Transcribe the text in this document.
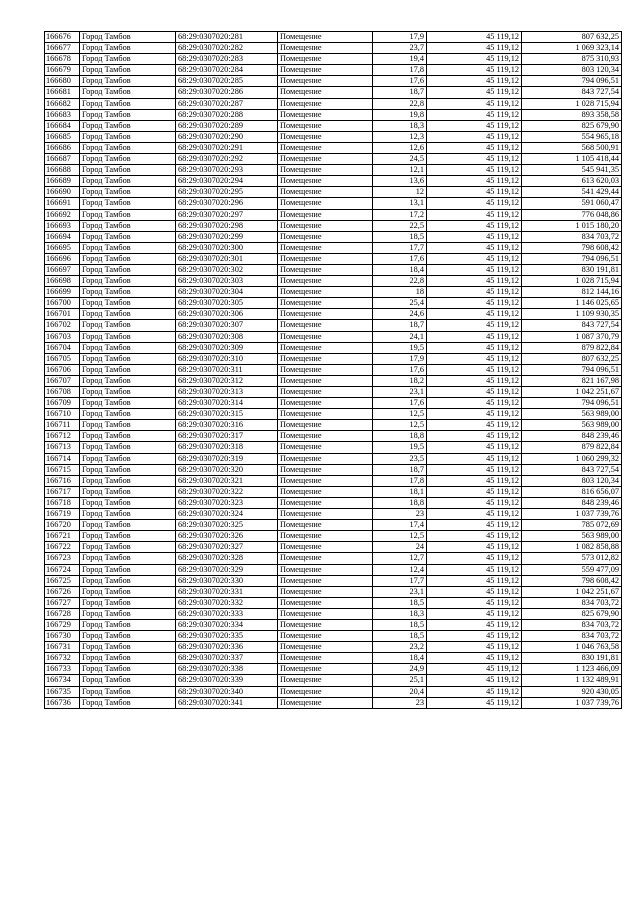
166676	Город Тамбов	68:29:0307020:281	Помещение	17,9	45 119,12	807 632,25
166677	Город Тамбов	68:29:0307020:282	Помещение	23,7	45 119,12	1 069 323,14
166678	Город Тамбов	68:29:0307020:283	Помещение	19,4	45 119,12	875 310,93
166679	Город Тамбов	68:29:0307020:284	Помещение	17,8	45 119,12	803 120,34
166680	Город Тамбов	68:29:0307020:285	Помещение	17,6	45 119,12	794 096,51
166681	Город Тамбов	68:29:0307020:286	Помещение	18,7	45 119,12	843 727,54
166682	Город Тамбов	68:29:0307020:287	Помещение	22,8	45 119,12	1 028 715,94
166683	Город Тамбов	68:29:0307020:288	Помещение	19,8	45 119,12	893 358,58
166684	Город Тамбов	68:29:0307020:289	Помещение	18,3	45 119,12	825 679,90
166685	Город Тамбов	68:29:0307020:290	Помещение	12,3	45 119,12	554 965,18
166686	Город Тамбов	68:29:0307020:291	Помещение	12,6	45 119,12	568 500,91
166687	Город Тамбов	68:29:0307020:292	Помещение	24,5	45 119,12	1 105 418,44
166688	Город Тамбов	68:29:0307020:293	Помещение	12,1	45 119,12	545 941,35
166689	Город Тамбов	68:29:0307020:294	Помещение	13,6	45 119,12	613 620,03
166690	Город Тамбов	68:29:0307020:295	Помещение	12	45 119,12	541 429,44
166691	Город Тамбов	68:29:0307020:296	Помещение	13,1	45 119,12	591 060,47
166692	Город Тамбов	68:29:0307020:297	Помещение	17,2	45 119,12	776 048,86
166693	Город Тамбов	68:29:0307020:298	Помещение	22,5	45 119,12	1 015 180,20
166694	Город Тамбов	68:29:0307020:299	Помещение	18,5	45 119,12	834 703,72
166695	Город Тамбов	68:29:0307020:300	Помещение	17,7	45 119,12	798 608,42
166696	Город Тамбов	68:29:0307020:301	Помещение	17,6	45 119,12	794 096,51
166697	Город Тамбов	68:29:0307020:302	Помещение	18,4	45 119,12	830 191,81
166698	Город Тамбов	68:29:0307020:303	Помещение	22,8	45 119,12	1 028 715,94
166699	Город Тамбов	68:29:0307020:304	Помещение	18	45 119,12	812 144,16
166700	Город Тамбов	68:29:0307020:305	Помещение	25,4	45 119,12	1 146 025,65
166701	Город Тамбов	68:29:0307020:306	Помещение	24,6	45 119,12	1 109 930,35
166702	Город Тамбов	68:29:0307020:307	Помещение	18,7	45 119,12	843 727,54
166703	Город Тамбов	68:29:0307020:308	Помещение	24,1	45 119,12	1 087 370,79
166704	Город Тамбов	68:29:0307020:309	Помещение	19,5	45 119,12	879 822,84
166705	Город Тамбов	68:29:0307020:310	Помещение	17,9	45 119,12	807 632,25
166706	Город Тамбов	68:29:0307020:311	Помещение	17,6	45 119,12	794 096,51
166707	Город Тамбов	68:29:0307020:312	Помещение	18,2	45 119,12	821 167,98
166708	Город Тамбов	68:29:0307020:313	Помещение	23,1	45 119,12	1 042 251,67
166709	Город Тамбов	68:29:0307020:314	Помещение	17,6	45 119,12	794 096,51
166710	Город Тамбов	68:29:0307020:315	Помещение	12,5	45 119,12	563 989,00
166711	Город Тамбов	68:29:0307020:316	Помещение	12,5	45 119,12	563 989,00
166712	Город Тамбов	68:29:0307020:317	Помещение	18,8	45 119,12	848 239,46
166713	Город Тамбов	68:29:0307020:318	Помещение	19,5	45 119,12	879 822,84
166714	Город Тамбов	68:29:0307020:319	Помещение	23,5	45 119,12	1 060 299,32
166715	Город Тамбов	68:29:0307020:320	Помещение	18,7	45 119,12	843 727,54
166716	Город Тамбов	68:29:0307020:321	Помещение	17,8	45 119,12	803 120,34
166717	Город Тамбов	68:29:0307020:322	Помещение	18,1	45 119,12	816 656,07
166718	Город Тамбов	68:29:0307020:323	Помещение	18,8	45 119,12	848 239,46
166719	Город Тамбов	68:29:0307020:324	Помещение	23	45 119,12	1 037 739,76
166720	Город Тамбов	68:29:0307020:325	Помещение	17,4	45 119,12	785 072,69
166721	Город Тамбов	68:29:0307020:326	Помещение	12,5	45 119,12	563 989,00
166722	Город Тамбов	68:29:0307020:327	Помещение	24	45 119,12	1 082 858,88
166723	Город Тамбов	68:29:0307020:328	Помещение	12,7	45 119,12	573 012,82
166724	Город Тамбов	68:29:0307020:329	Помещение	12,4	45 119,12	559 477,09
166725	Город Тамбов	68:29:0307020:330	Помещение	17,7	45 119,12	798 608,42
166726	Город Тамбов	68:29:0307020:331	Помещение	23,1	45 119,12	1 042 251,67
166727	Город Тамбов	68:29:0307020:332	Помещение	18,5	45 119,12	834 703,72
166728	Город Тамбов	68:29:0307020:333	Помещение	18,3	45 119,12	825 679,90
166729	Город Тамбов	68:29:0307020:334	Помещение	18,5	45 119,12	834 703,72
166730	Город Тамбов	68:29:0307020:335	Помещение	18,5	45 119,12	834 703,72
166731	Город Тамбов	68:29:0307020:336	Помещение	23,2	45 119,12	1 046 763,58
166732	Город Тамбов	68:29:0307020:337	Помещение	18,4	45 119,12	830 191,81
166733	Город Тамбов	68:29:0307020:338	Помещение	24,9	45 119,12	1 123 466,09
166734	Город Тамбов	68:29:0307020:339	Помещение	25,1	45 119,12	1 132 489,91
166735	Город Тамбов	68:29:0307020:340	Помещение	20,4	45 119,12	920 430,05
166736	Город Тамбов	68:29:0307020:341	Помещение	23	45 119,12	1 037 739,76
